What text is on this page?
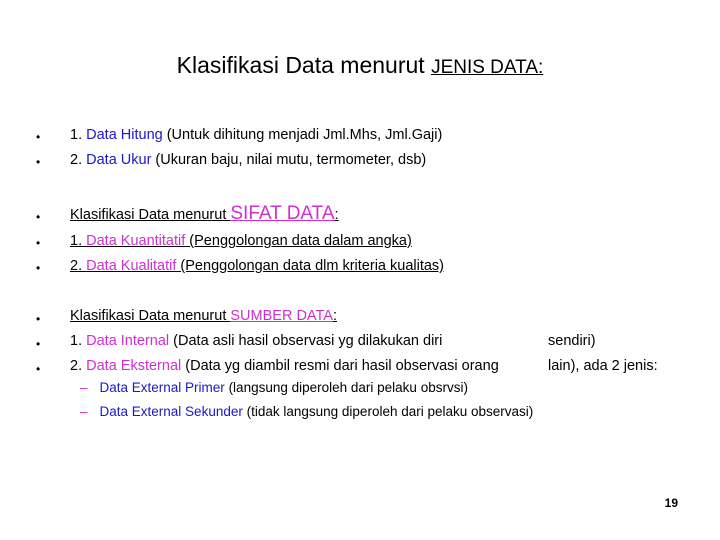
Klasifikasi Data menurut JENIS DATA:
• 1. Data Hitung (Untuk dihitung menjadi Jml.Mhs, Jml.Gaji)
• 2. Data Ukur (Ukuran baju, nilai mutu, termometer, dsb)
• Klasifikasi Data menurut SIFAT DATA:
• 1. Data Kuantitatif (Penggolongan data dalam angka)
• 2. Data Kualitatif (Penggolongan data dlm kriteria kualitas)
• Klasifikasi Data menurut SUMBER DATA:
• 1. Data Internal (Data asli hasil observasi yg dilakukan diri	sendiri)
• 2. Data Eksternal (Data yg diambil resmi dari hasil observasi orang	lain), ada 2 jenis:
– Data External Primer (langsung diperoleh dari pelaku obsrvsi)
– Data External Sekunder (tidak langsung diperoleh dari pelaku observasi)
19
